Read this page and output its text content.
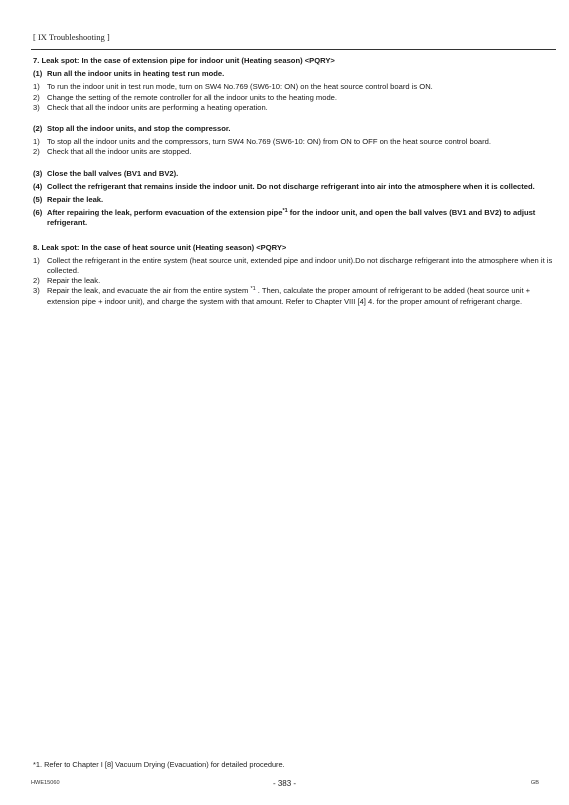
[ IX Troubleshooting ]
7. Leak spot: In the case of extension pipe for indoor unit (Heating season) <PQRY>
(1) Run all the indoor units in heating test run mode.
1) To run the indoor unit in test run mode, turn on SW4 No.769 (SW6-10: ON) on the heat source control board is ON.
2) Change the setting of the remote controller for all the indoor units to the heating mode.
3) Check that all the indoor units are performing a heating operation.
(2) Stop all the indoor units, and stop the compressor.
1) To stop all the indoor units and the compressors, turn SW4 No.769 (SW6-10: ON) from ON to OFF on the heat source control board.
2) Check that all the indoor units are stopped.
(3) Close the ball valves (BV1 and BV2).
(4) Collect the refrigerant that remains inside the indoor unit. Do not discharge refrigerant into air into the atmosphere when it is collected.
(5) Repair the leak.
(6) After repairing the leak, perform evacuation of the extension pipe$^{*1}$ for the indoor unit, and open the ball valves (BV1 and BV2) to adjust refrigerant.
8. Leak spot: In the case of heat source unit (Heating season) <PQRY>
1) Collect the refrigerant in the entire system (heat source unit, extended pipe and indoor unit).Do not discharge refrigerant into the atmosphere when it is collected.
2) Repair the leak.
3) Repair the leak, and evacuate the air from the entire system $^{*1}$ . Then, calculate the proper amount of refrigerant to be added (heat source unit + extension pipe + indoor unit), and charge the system with that amount. Refer to Chapter VIII [4] 4. for the proper amount of refrigerant charge.
*1. Refer to Chapter I [8] Vacuum Drying (Evacuation) for detailed procedure.
HWE15060	- 383 -	GB
